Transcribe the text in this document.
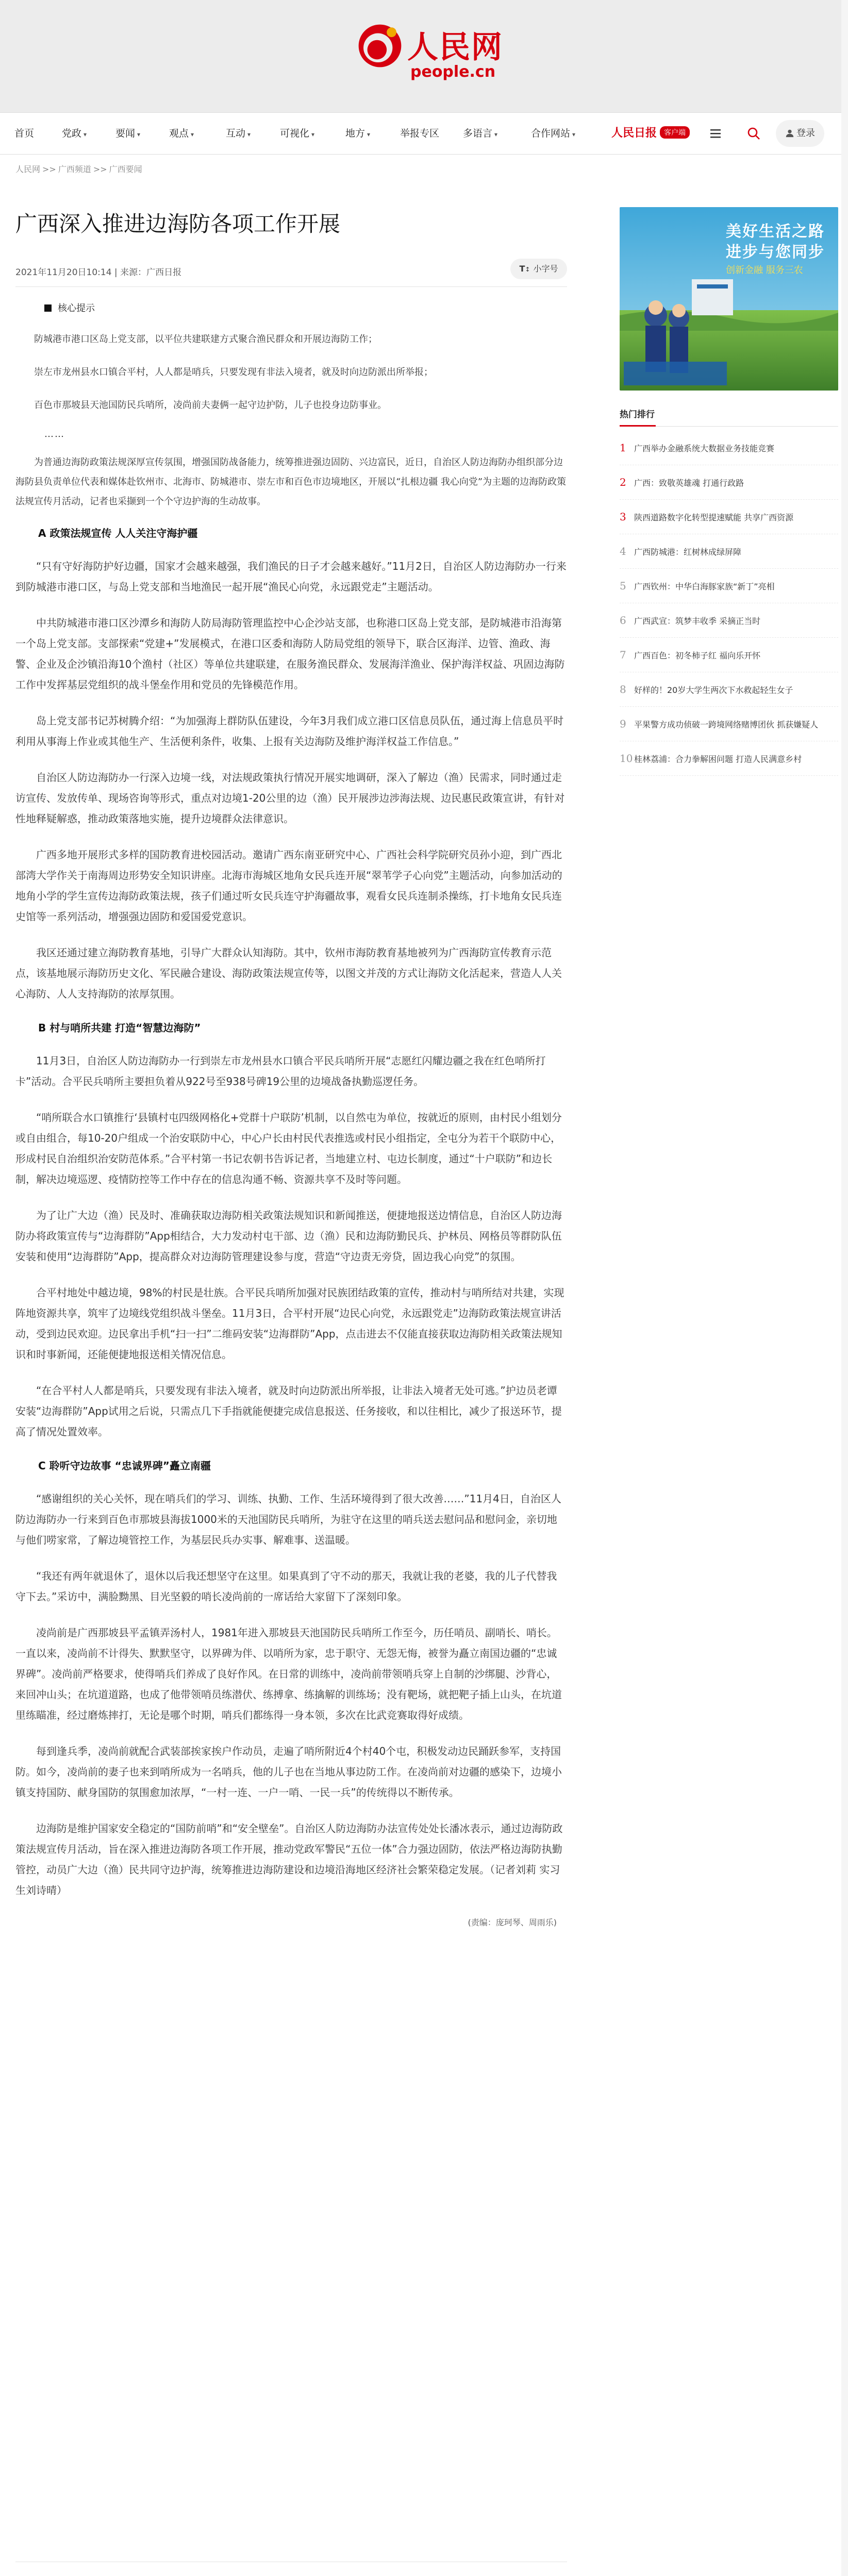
人民网
people.cn
首页	党政 ▾	要闻 ▾	观点 ▾	互动 ▾	可视化 ▾	地方 ▾	举报专区 多语言 ▾	合作网站 ▾	人民日报 客户端	登录
人民网 >> 广西频道 >> 广西要闻
广西深入推进边海防各项工作开展
2021年11月20日10:14 | 来源：广西日报	T↕ 小字号
核心提示

防城港市港口区岛上党支部，以平位共建联建方式聚合渔民群众和开展边海防工作；

崇左市龙州县水口镇合平村，人人都是哨兵，只要发现有非法入境者，就及时向边防派出所举报；

百色市那坡县天池国防民兵哨所，凌尚前夫妻俩一起守边护防，儿子也投身边防事业。

……

为普通边海防政策法规深厚宣传氛围，增强国防战备能力，统筹推进强边固防、兴边富民，近日，自治区人防边海防办组织部分边海防县负责单位代表和媒体赴钦州市、北海市、防城港市、崇左市和百色市边境地区，开展以“扎根边疆 我心向党”为主题的边海防政策法规宣传月活动，记者也采撷到一个个守边护海的生动故事。

A 政策法规宣传 人人关注守海护疆

“只有守好海防护好边疆，国家才会越来越强，我们渔民的日子才会越来越好。”11月2日，自治区人防边海防办一行来到防城港市港口区，与岛上党支部和当地渔民一起开展“渔民心向党，永远跟党走”主题活动。

中共防城港市港口区沙潭乡和海防人防局海防管理监控中心企沙站支部，也称港口区岛上党支部，是防城港市沿海第一个岛上党支部。支部探索“党建+”发展模式，在港口区委和海防人防局党组的领导下，联合区海洋、边管、渔政、海警、企业及企沙镇沿海10个渔村（社区）等单位共建联建，在服务渔民群众、发展海洋渔业、保护海洋权益、巩固边海防工作中发挥基层党组织的战斗堡垒作用和党员的先锋模范作用。

岛上党支部书记苏树腾介绍：“为加强海上群防队伍建设，今年3月我们成立港口区信息员队伍，通过海上信息员平时利用从事海上作业或其他生产、生活便利条件，收集、上报有关边海防及维护海洋权益工作信息。”

自治区人防边海防办一行深入边境一线，对法规政策执行情况开展实地调研，深入了解边（渔）民需求，同时通过走访宣传、发放传单、现场咨询等形式，重点对边境1-20公里的边（渔）民开展涉边涉海法规、边民惠民政策宣讲，有针对性地释疑解惑，推动政策落地实施，提升边境群众法律意识。

广西多地开展形式多样的国防教育进校园活动。邀请广西东南亚研究中心、广西社会科学院研究员孙小迎，到广西北部湾大学作关于南海周边形势安全知识讲座。北海市海城区地角女民兵连开展“翠苇学子心向党”主题活动，向参加活动的地角小学的学生宣传边海防政策法规，孩子们通过听女民兵连守护海疆故事，观看女民兵连制杀操练，打卡地角女民兵连史馆等一系列活动，增强强边固防和爱国爱党意识。

我区还通过建立海防教育基地，引导广大群众认知海防。其中，钦州市海防教育基地被列为广西海防宣传教育示范点，该基地展示海防历史文化、军民融合建设、海防政策法规宣传等，以图文并茂的方式让海防文化活起来，营造人人关心海防、人人支持海防的浓厚氛围。

B 村与哨所共建 打造“智慧边海防”

11月3日，自治区人防边海防办一行到崇左市龙州县水口镇合平民兵哨所开展“志愿红闪耀边疆之我在红色哨所打卡”活动。合平民兵哨所主要担负着从922号至938号碑19公里的边境战备执勤巡逻任务。

“哨所联合水口镇推行‘县镇村屯四级网格化+党群十户联防’机制，以自然屯为单位，按就近的原则，由村民小组划分或自由组合，每10-20户组成一个治安联防中心，中心户长由村民代表推选或村民小组指定，全屯分为若干个联防中心，形成村民自治组织治安防范体系。”合平村第一书记农朝书告诉记者，当地建立村、屯边长制度，通过“十户联防”和边长制，解决边境巡逻、疫情防控等工作中存在的信息沟通不畅、资源共享不及时等问题。

为了让广大边（渔）民及时、准确获取边海防相关政策法规知识和新闻推送，便捷地报送边情信息，自治区人防边海防办将政策宣传与“边海群防”App相结合，大力发动村屯干部、边（渔）民和边海防勤民兵、护林员、网格员等群防队伍安装和使用“边海群防”App，提高群众对边海防管理建设参与度，营造“守边责无旁贷，固边我心向党”的氛围。

合平村地处中越边境，98%的村民是壮族。合平民兵哨所加强对民族团结政策的宣传，推动村与哨所结对共建，实现阵地资源共享，筑牢了边境线党组织战斗堡垒。11月3日，合平村开展“边民心向党，永远跟党走”边海防政策法规宣讲活动，受到边民欢迎。边民拿出手机“扫一扫”二维码安装“边海群防”App，点击进去不仅能直接获取边海防相关政策法规知识和时事新闻，还能便捷地报送相关情况信息。

“在合平村人人都是哨兵，只要发现有非法入境者，就及时向边防派出所举报，让非法入境者无处可逃。”护边员老谭安装“边海群防”App试用之后说，只需点几下手指就能便捷完成信息报送、任务接收，和以往相比，减少了报送环节，提高了情况处置效率。

C 聆听守边故事 “忠诚界碑”矗立南疆

“感谢组织的关心关怀，现在哨兵们的学习、训练、执勤、工作、生活环境得到了很大改善……”11月4日，自治区人防边海防办一行来到百色市那坡县海拔1000米的天池国防民兵哨所，为驻守在这里的哨兵送去慰问品和慰问金，亲切地与他们唠家常，了解边境管控工作，为基层民兵办实事、解难事、送温暖。

“我还有两年就退休了，退休以后我还想坚守在这里。如果真到了守不动的那天，我就让我的老婆，我的儿子代替我守下去。”采访中，满脸黝黑、目光坚毅的哨长凌尚前的一席话给大家留下了深刻印象。

凌尚前是广西那坡县平孟镇弄汤村人，1981年进入那坡县天池国防民兵哨所工作至今，历任哨员、副哨长、哨长。一直以来，凌尚前不计得失、默默坚守，以界碑为伴、以哨所为家，忠于职守、无怨无悔，被誉为矗立南国边疆的“忠诚界碑”。凌尚前严格要求，使得哨兵们养成了良好作风。在日常的训练中，凌尚前带领哨兵穿上自制的沙绑腿、沙背心，来回冲山头；在坑道道路，也成了他带领哨员练潜伏、练搏拿、练擒解的训练场；没有靶场，就把靶子插上山头，在坑道里练瞄准，经过磨炼摔打，无论是哪个时期，哨兵们都练得一身本领，多次在比武竞赛取得好成绩。

每到逢兵季，凌尚前就配合武装部挨家挨户作动员，走遍了哨所附近4个村40个屯，积极发动边民踊跃参军，支持国防。如今，凌尚前的妻子也来到哨所成为一名哨兵，他的儿子也在当地从事边防工作。在凌尚前对边疆的感染下，边境小镇支持国防、献身国防的氛围愈加浓厚，“一村一连、一户一哨、一民一兵”的传统得以不断传承。

边海防是维护国家安全稳定的“国防前哨”和“安全壁垒”。自治区人防边海防办法宣传处处长潘冰表示，通过边海防政策法规宣传月活动，旨在深入推进边海防各项工作开展，推动党政军警民“五位一体”合力强边固防，依法严格边海防执勤管控，动员广大边（渔）民共同守边护海，统筹推进边海防建设和边境沿海地区经济社会繁荣稳定发展。（记者刘莉 实习生刘诗晴）

(责编：庞珂琴、周雨乐)
美好生活之路
进步与您同步
创新金融 服务三农
热门排行
1 广西举办金融系统大数据业务技能竞赛
2 广西：致敬英雄魂 打通行政路
3 陕西道路数字化转型提速赋能 共享广西资源
4 广西防城港：红树林成绿屏障
5 广西钦州：中华白海豚家族“新丁”亮相
6 广西武宣：筑梦丰收季 采摘正当时
7 广西百色：初冬柿子红 福向乐开怀
8 好样的！20岁大学生两次下水救起轻生女子
9 平果警方成功侦破一跨境网络赌博团伙 抓获嫌疑人
10 桂林荔浦：合力拳解困问题 打造人民满意乡村
